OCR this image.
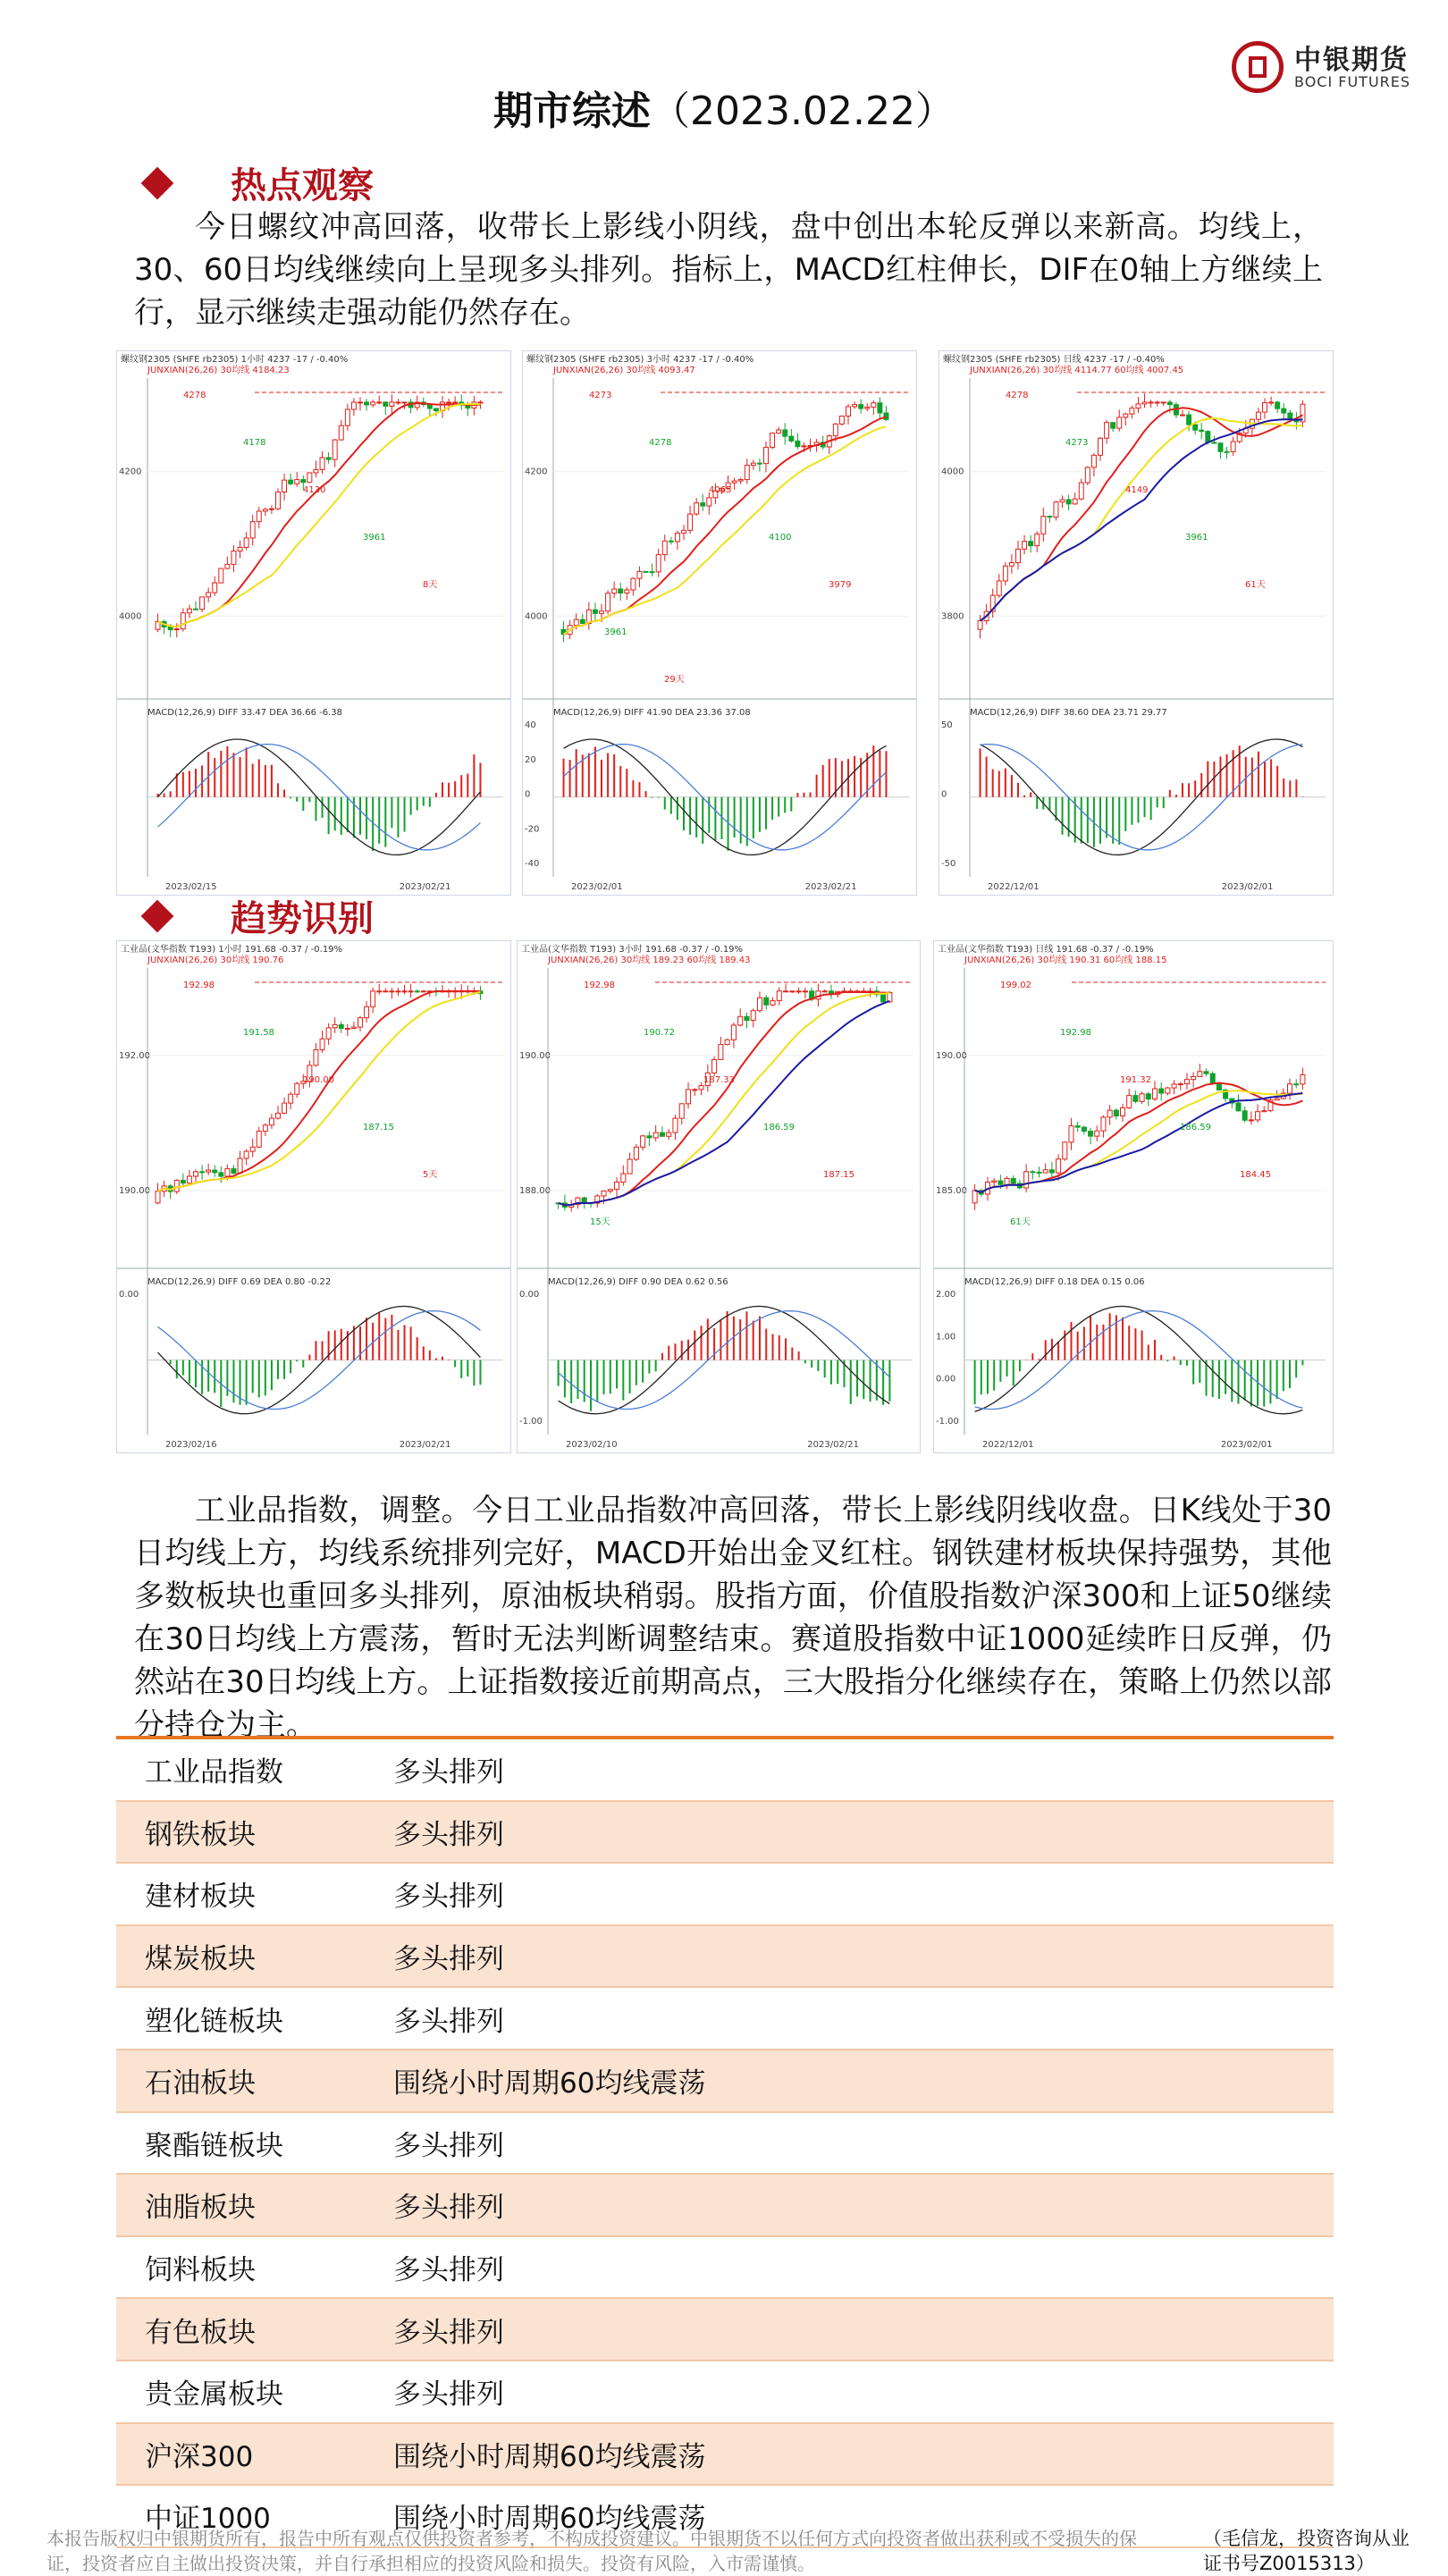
中银期货
BOCI FUTURES
期市综述（2023.02.22）
热点观察
今日螺纹冲高回落，收带长上影线小阴线，盘中创出本轮反弹以来新高。均线上，30、60日均线继续向上呈现多头排列。指标上，MACD红柱伸长，DIF在0轴上方继续上行，显示继续走强动能仍然存在。
螺纹钢2305 (SHFE rb2305) 1小时 4237 -17 / -0.40%
JUNXIAN(26,26) 30均线 4184.23
4200
4000
4278
4178
4130
3961
8天
MACD(12,26,9) DIFF 33.47 DEA 36.66 -6.38
2023/02/15	2023/02/21
螺纹钢2305 (SHFE rb2305) 3小时 4237 -17 / -0.40%
JUNXIAN(26,26) 30均线 4093.47
4200
4000
4273
4278
4065
4100
3979
3961
29天
MACD(12,26,9) DIFF 41.90 DEA 23.36 37.08
40
20
0
-20
-40
2023/02/01	2023/02/21
螺纹钢2305 (SHFE rb2305) 日线 4237 -17 / -0.40%
JUNXIAN(26,26) 30均线 4114.77 60均线 4007.45
4000
3800
4278
4273
4149
3961
61天
MACD(12,26,9) DIFF 38.60 DEA 23.71 29.77
50
0
-50
2022/12/01	2023/02/01
趋势识别
工业品(文华指数 T193) 1小时 191.68 -0.37 / -0.19%
JUNXIAN(26,26) 30均线 190.76
192.00
190.00
192.98
191.58
190.00
187.15
5天
MACD(12,26,9) DIFF 0.69 DEA 0.80 -0.22
0.00
2023/02/16	2023/02/21
工业品(文华指数 T193) 3小时 191.68 -0.37 / -0.19%
JUNXIAN(26,26) 30均线 189.23 60均线 189.43
190.00
188.00
192.98
190.72
187.33
186.59
187.15
15天
MACD(12,26,9) DIFF 0.90 DEA 0.62 0.56
0.00
-1.00
2023/02/10	2023/02/21
工业品(文华指数 T193) 日线 191.68 -0.37 / -0.19%
JUNXIAN(26,26) 30均线 190.31 60均线 188.15
190.00
185.00
199.02
192.98
191.32
186.59
184.45
61天
MACD(12,26,9) DIFF 0.18 DEA 0.15 0.06
2.00
1.00
0.00
-1.00
2022/12/01	2023/02/01
工业品指数，调整。今日工业品指数冲高回落，带长上影线阴线收盘。日K线处于30日均线上方，均线系统排列完好，MACD开始出金叉红柱。钢铁建材板块保持强势，其他多数板块也重回多头排列，原油板块稍弱。股指方面，价值股指数沪深300和上证50继续在30日均线上方震荡，暂时无法判断调整结束。赛道股指数中证1000延续昨日反弹，仍然站在30日均线上方。上证指数接近前期高点，三大股指分化继续存在，策略上仍然以部分持仓为主。
工业品指数	多头排列
钢铁板块	多头排列
建材板块	多头排列
煤炭板块	多头排列
塑化链板块	多头排列
石油板块	围绕小时周期60均线震荡
聚酯链板块	多头排列
油脂板块	多头排列
饲料板块	多头排列
有色板块	多头排列
贵金属板块	多头排列
沪深300	围绕小时周期60均线震荡
中证1000	围绕小时周期60均线震荡
本报告版权归中银期货所有，报告中所有观点仅供投资者参考，不构成投资建议。中银期货不以任何方式向投资者做出获利或不受损失的保证，投资者应自主做出投资决策，并自行承担相应的投资风险和损失。投资有风险，入市需谨慎。
（毛信龙，投资咨询从业证书号Z0015313）
